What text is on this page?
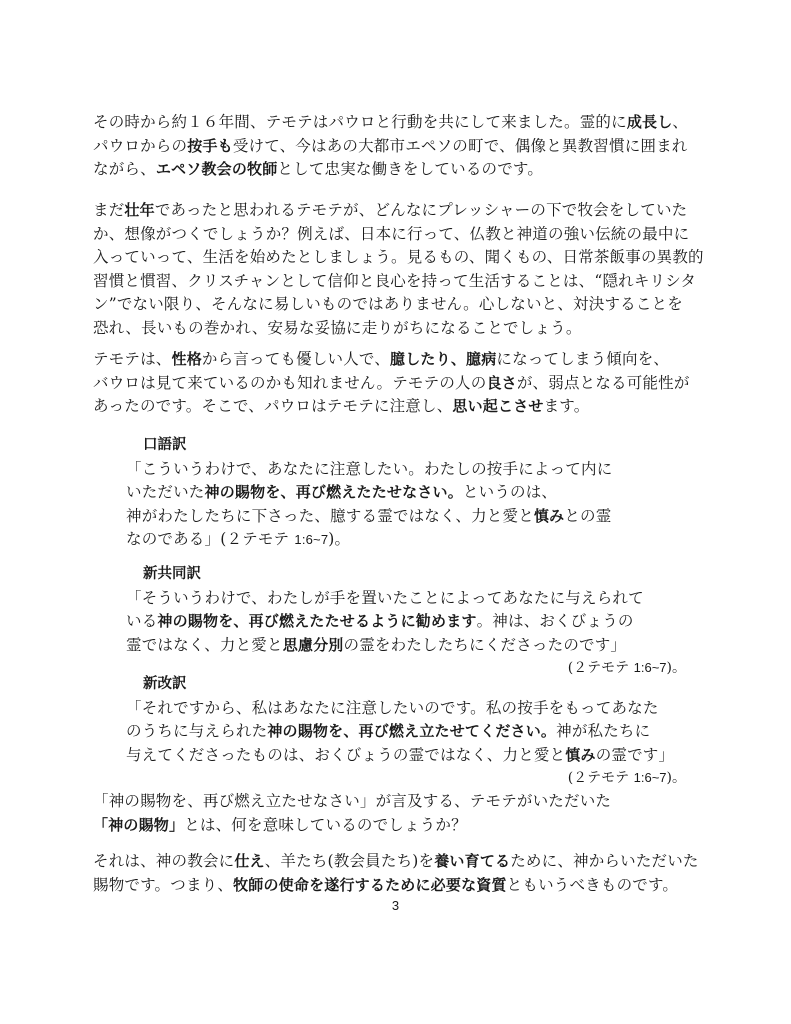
その時から約１６年間、テモテはパウロと行動を共にして来ました。霊的に成長し、
パウロからの按手も受けて、今はあの大都市エペソの町で、偶像と異教習慣に囲まれ
ながら、エペソ教会の牧師として忠実な働きをしているのです。
まだ壮年であったと思われるテモテが、どんなにプレッシャーの下で牧会をしていた
か、想像がつくでしょうか？例えば、日本に行って、仏教と神道の強い伝統の最中に
入っていって、生活を始めたとしましょう。見るもの、聞くもの、日常茶飯事の異教的
習慣と慣習、クリスチャンとして信仰と良心を持って生活することは、“隠れキリシタ
ン”でない限り、そんなに易しいものではありません。心しないと、対決することを
恐れ、長いもの巻かれ、安易な妥協に走りがちになることでしょう。
テモテは、性格から言っても優しい人で、臆したり、臆病になってしまう傾向を、
バウロは見て来ているのかも知れません。テモテの人の良さが、弱点となる可能性が
あったのです。そこで、パウロはテモテに注意し、思い起こさせます。
口語訳
「こういうわけで、あなたに注意したい。わたしの按手によって内に
いただいた神の賜物を、再び燃えたたせなさい。というのは、
神がわたしたちに下さった、臆する霊ではなく、力と愛と慎みとの霊
なのである」(２テモテ 1:6~7)。
新共同訳
「そういうわけで、わたしが手を置いたことによってあなたに与えられて
いる神の賜物を、再び燃えたたせるように勧めます。神は、おくびょうの
霊ではなく、力と愛と思慮分別の霊をわたしたちにくださったのです」
(２テモテ 1:6~7)。
新改訳
「それですから、私はあなたに注意したいのです。私の按手をもってあなた
のうちに与えられた神の賜物を、再び燃え立たせてください。神が私たちに
与えてくださったものは、おくびょうの霊ではなく、力と愛と慎みの霊です」
(２テモテ 1:6~7)。
「神の賜物を、再び燃え立たせなさい」が言及する、テモテがいただいた
「神の賜物」とは、何を意味しているのでしょうか？
それは、神の教会に仕え、羊たち(教会員たち)を養い育てるために、神からいただいた
賜物です。つまり、牧師の使命を遂行するために必要な資質ともいうべきものです。
3
